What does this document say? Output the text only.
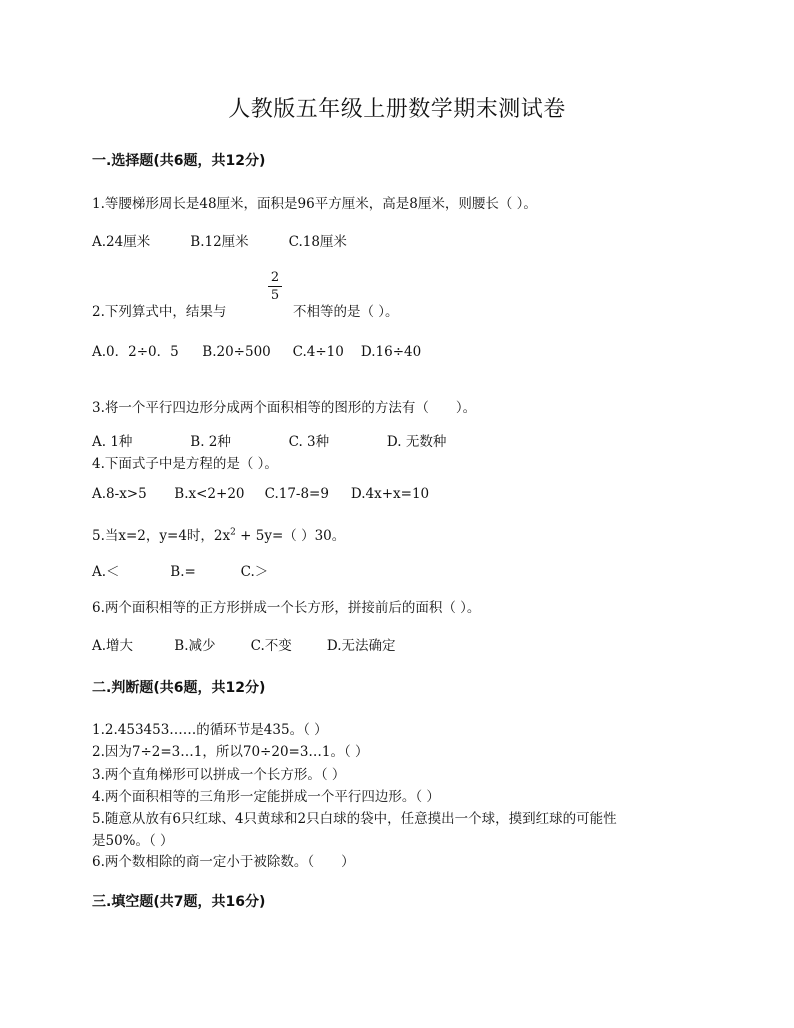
人教版五年级上册数学期末测试卷
一.选择题(共6题，共12分)
1.等腰梯形周长是48厘米，面积是96平方厘米，高是8厘米，则腰长（ ）。
A.24厘米	B.12厘米	C.18厘米
2.下列算式中，结果与	不相等的是（ ）。
2
5
A.0．2÷0．5 B.20÷500 C.4÷10 D.16÷40
3.将一个平行四边形分成两个面积相等的图形的方法有（　　）。
A. 1种	B. 2种	C. 3种	D. 无数种
4.下面式子中是方程的是（ ）。
A.8-x>5 B.x<2+20 C.17-8=9 D.4x+x=10
5.当x=2，y=4时，$2x^2 + 5y=$（ ）30。
A.＜	B.=	C.＞
6.两个面积相等的正方形拼成一个长方形，拼接前后的面积（ ）。
A.增大	B.减少	C.不变	D.无法确定
二.判断题(共6题，共12分)
1.2.453453……的循环节是435。（ ）
2.因为7÷2=3…1，所以70÷20=3…1。（ ）
3.两个直角梯形可以拼成一个长方形。（ ）
4.两个面积相等的三角形一定能拼成一个平行四边形。（ ）
5.随意从放有6只红球、4只黄球和2只白球的袋中，任意摸出一个球，摸到红球的可能性
是50%。（ ）
6.两个数相除的商一定小于被除数。（　　）
三.填空题(共7题，共16分)
